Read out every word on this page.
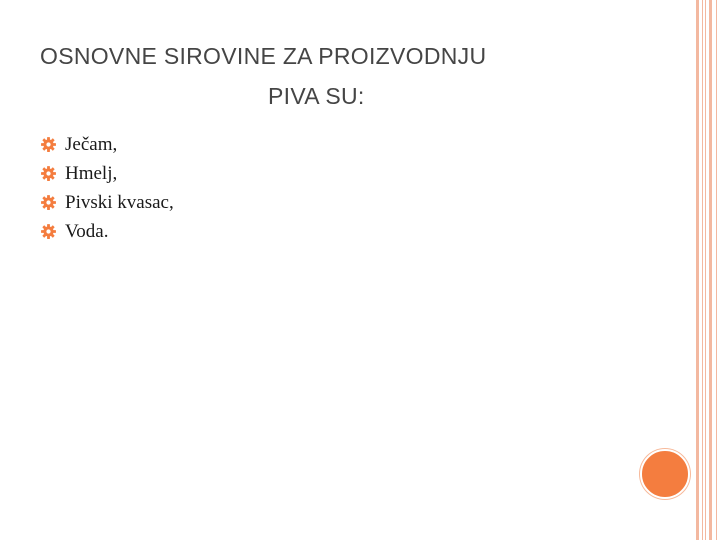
OSNOVNE SIROVINE ZA PROIZVODNJU
PIVA SU:
Ječam,
Hmelj,
Pivski kvasac,
Voda.
